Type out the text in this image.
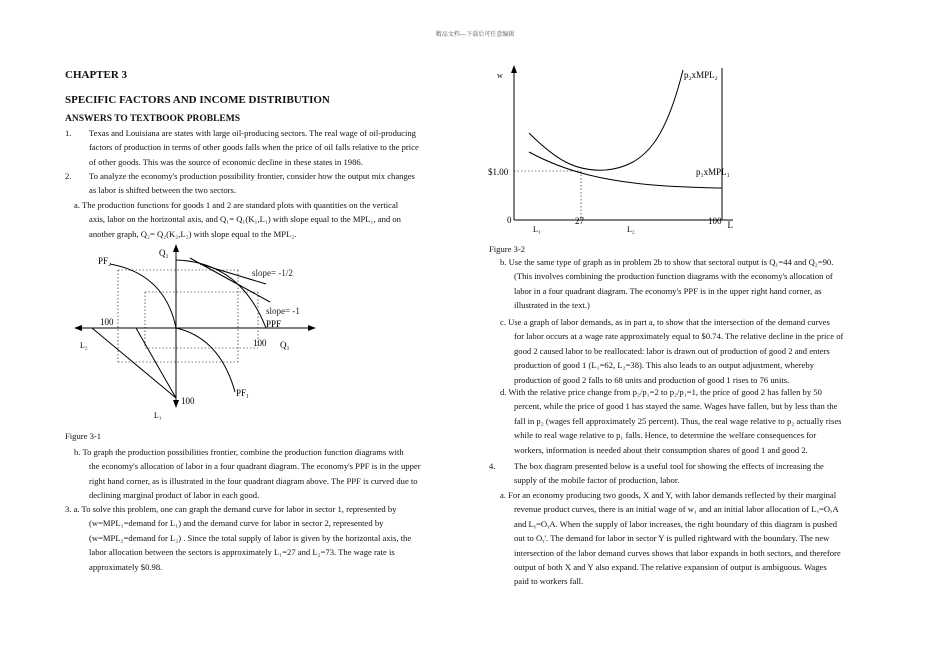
精品文档---下载后可任意编辑
CHAPTER 3
SPECIFIC FACTORS AND INCOME DISTRIBUTION
ANSWERS TO TEXTBOOK PROBLEMS
1. Texas and Louisiana are states with large oil-producing sectors. The real wage of oil-producing
factors of production in terms of other goods falls when the price of oil falls relative to the price
of other goods. This was the source of economic decline in these states in 1986.
2. To analyze the economy's production possibility frontier, consider how the output mix changes
as labor is shifted between the two sectors.
a. The production functions for goods 1 and 2 are standard plots with quantities on the vertical
axis, labor on the horizontal axis, and Q₁= Q₁(K₁,L₁) with slope equal to the MPL₁, and on
another graph, Q₂= Q₂(K₂,L₂) with slope equal to the MPL₂.
Q₁
PF₂
slope= -1/2
slope= -1
PPF
100
L₂	100 Q₁
PF₁
100
L₁
Figure 3-1
b. To graph the production possibilities frontier, combine the production function diagrams with
the economy's allocation of labor in a four quadrant diagram. The economy's PPF is in the upper
right hand corner, as is illustrated in the four quadrant diagram above. The PPF is curved due to
declining marginal product of labor in each good.
3. a. To solve this problem, one can graph the demand curve for labor in sector 1, represented by
(w=MPL₁=demand for L₁) and the demand curve for labor in sector 2, represented by
(w=MPL₂=demand for L₂) . Since the total supply of labor is given by the horizontal axis, the
labor allocation between the sectors is approximately L₁=27 and L₂=73. The wage rate is
approximately $0.98.
w	p₂xMPL₂
p₁xMPL₁
$1.00
0
L₁
27
L₂
100 L
Figure 3-2
b. Use the same type of graph as in problem 2b to show that sectoral output is Q₁=44 and Q₂=90.
(This involves combining the production function diagrams with the economy's allocation of
labor in a four quadrant diagram. The economy's PPF is in the upper right hand corner, as
illustrated in the text.)
c. Use a graph of labor demands, as in part a, to show that the intersection of the demand curves
for labor occurs at a wage rate approximately equal to $0.74. The relative decline in the price of
good 2 caused labor to be reallocated: labor is drawn out of production of good 2 and enters
production of good 1 (L₁=62, L₂=38). This also leads to an output adjustment, whereby
production of good 2 falls to 68 units and production of good 1 rises to 76 units.
d. With the relative price change from p₂/p₁=2 to p₂/p₁=1, the price of good 2 has fallen by 50
percent, while the price of good 1 has stayed the same. Wages have fallen, but by less than the
fall in p₂ (wages fell approximately 25 percent). Thus, the real wage relative to p₂ actually rises
while to real wage relative to p₁ falls. Hence, to determine the welfare consequences for
workers, information is needed about their consumption shares of good 1 and good 2.
4. The box diagram presented below is a useful tool for showing the effects of increasing the
supply of the mobile factor of production, labor.
a. For an economy producing two goods, X and Y, with labor demands reflected by their marginal
revenue product curves, there is an initial wage of w₁ and an initial labor allocation of Lₓ=OₓA
and Lᵧ=OᵧA. When the supply of labor increases, the right boundary of this diagram is pushed
out to Oᵧ'. The demand for labor in sector Y is pulled rightward with the boundary. The new
intersection of the labor demand curves shows that labor expands in both sectors, and therefore
output of both X and Y also expand. The relative expansion of output is ambiguous. Wages
paid to workers fall.
